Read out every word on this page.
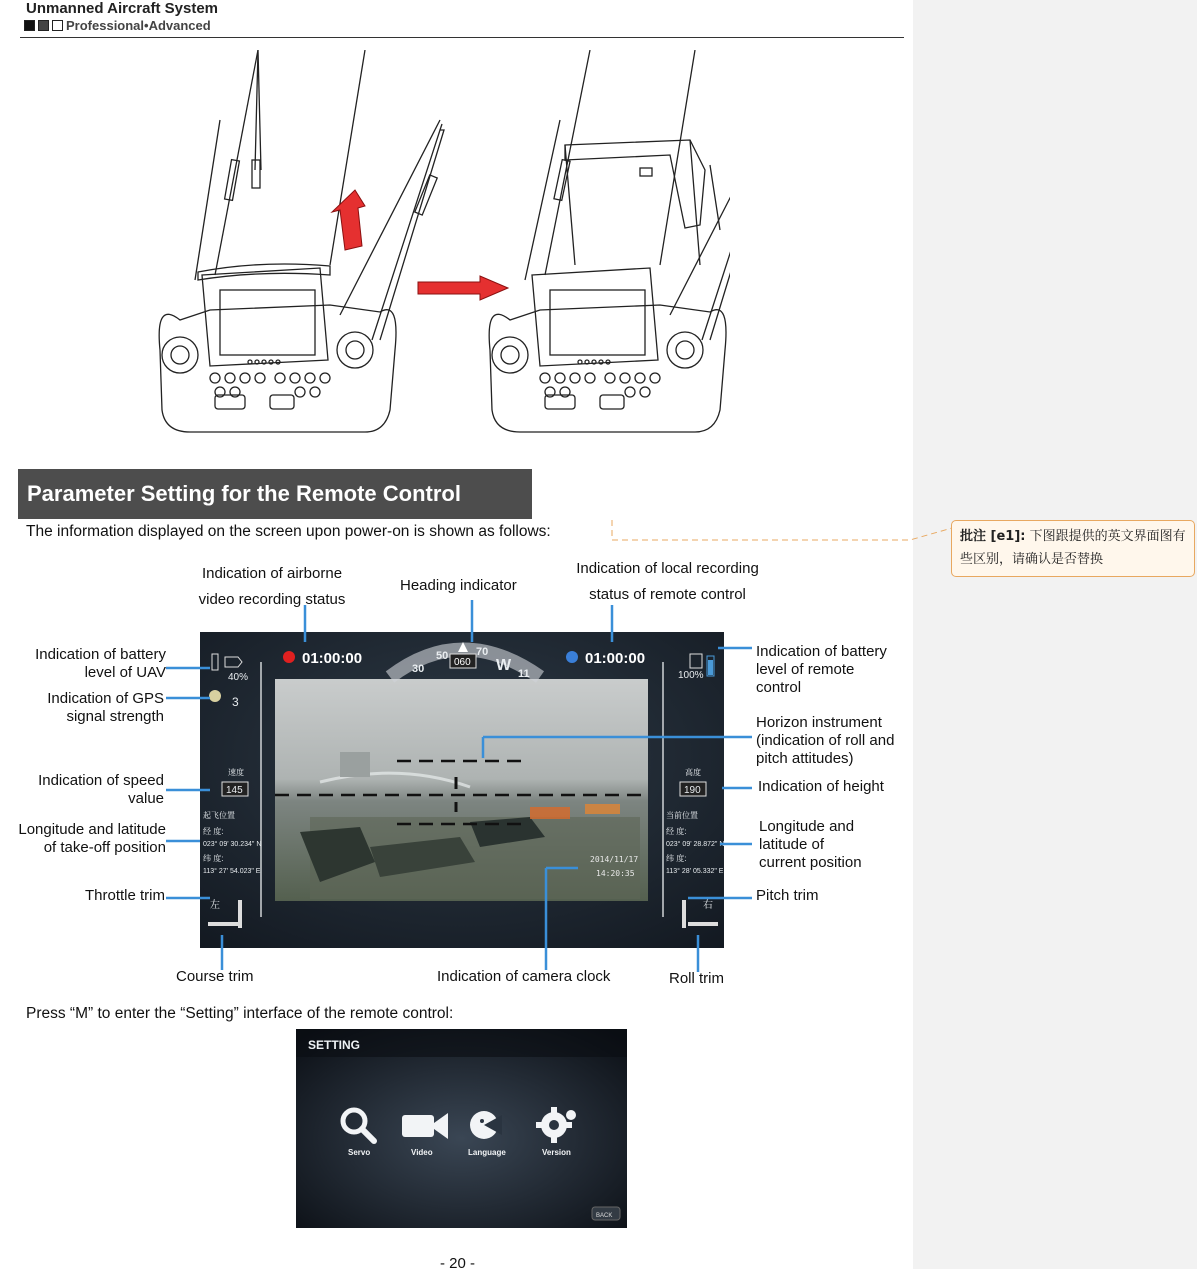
Unmanned Aircraft System
Professional•Advanced
Parameter Setting for the Remote Control
The information displayed on the screen upon power-on is shown as follows:	批注 [e1]: 下图跟提供的英文界面图有些区别，请确认是否替换
30
50	70
W 11
060
01:00:00	01:00:00
40%
3
速度
145
起飞位置
经 度:
023° 09' 30.234" N
纬 度:
113° 27' 54.023" E
左
100%
高度
190
当前位置
经 度:
023° 09' 28.872" N
纬 度:
113° 28' 05.332" E
右
2014/11/17
14:20:35
Indication of airborne
video recording status
Heading indicator
Indication of local recording
status of remote control
Indication of battery
level of UAV
Indication of GPS
signal strength
Indication of speed
value
Longitude and latitude
of take-off position
Throttle trim
Course trim	Indication of camera clock	Roll trim
Indication of battery
level of remote
control
Horizon instrument
(indication of roll and
pitch attitudes)
Indication of height
Longitude and
latitude of
current position
Pitch trim
Press “M” to enter the “Setting” interface of the remote control:
SETTING
Servo	Video	Language	Version
BACK
- 20 -
